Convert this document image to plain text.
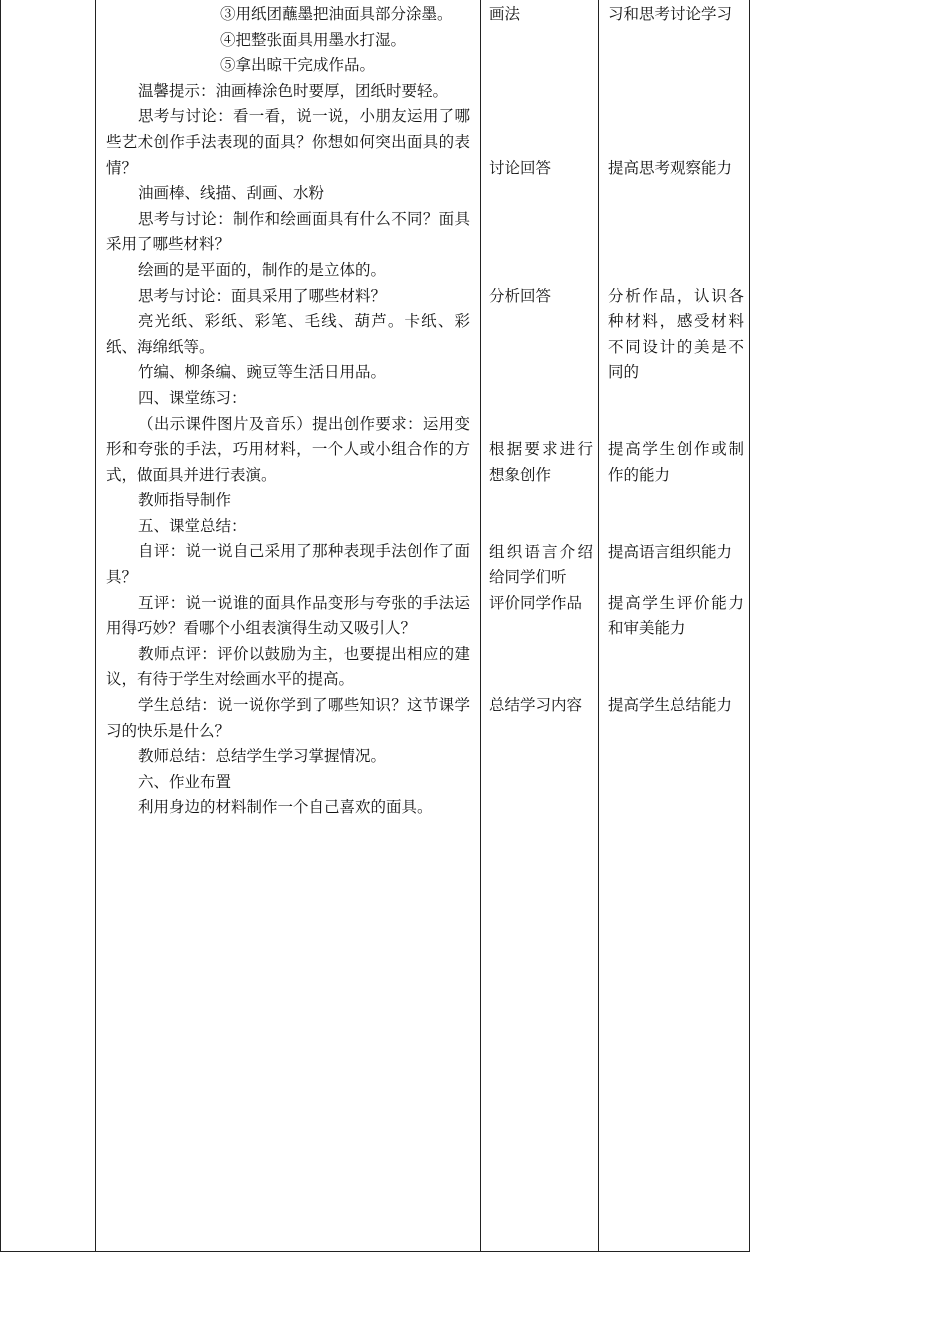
③用纸团蘸墨把油面具部分涂墨。

④把整张面具用墨水打湿。

⑤拿出晾干完成作品。

温馨提示：油画棒涂色时要厚，团纸时要轻。

思考与讨论：看一看，说一说，小朋友运用了哪些艺术创作手法表现的面具？你想如何突出面具的表情？

油画棒、线描、刮画、水粉

思考与讨论：制作和绘画面具有什么不同？面具采用了哪些材料？

绘画的是平面的，制作的是立体的。

思考与讨论：面具采用了哪些材料？

亮光纸、彩纸、彩笔、毛线、葫芦。卡纸、彩纸、海绵纸等。

竹编、柳条编、豌豆等生活日用品。

四、课堂练习：

（出示课件图片及音乐）提出创作要求：运用变形和夸张的手法，巧用材料，一个人或小组合作的方式，做面具并进行表演。

教师指导制作

五、课堂总结：

自评：说一说自己采用了那种表现手法创作了面具？

互评：说一说谁的面具作品变形与夸张的手法运用得巧妙？看哪个小组表演得生动又吸引人？

教师点评：评价以鼓励为主，也要提出相应的建议，有待于学生对绘画水平的提高。

学生总结：说一说你学到了哪些知识？这节课学习的快乐是什么？

教师总结：总结学生学习掌握情况。

六、作业布置

利用身边的材料制作一个自己喜欢的面具。

画法

讨论回答

分析回答

根据要求进行想象创作

组织语言介绍给同学们听

评价同学作品

总结学习内容

习和思考讨论学习

提高思考观察能力

分析作品，认识各种材料，感受材料不同设计的美是不同的

提高学生创作或制作的能力

提高语言组织能力

提高学生评价能力和审美能力

提高学生总结能力
